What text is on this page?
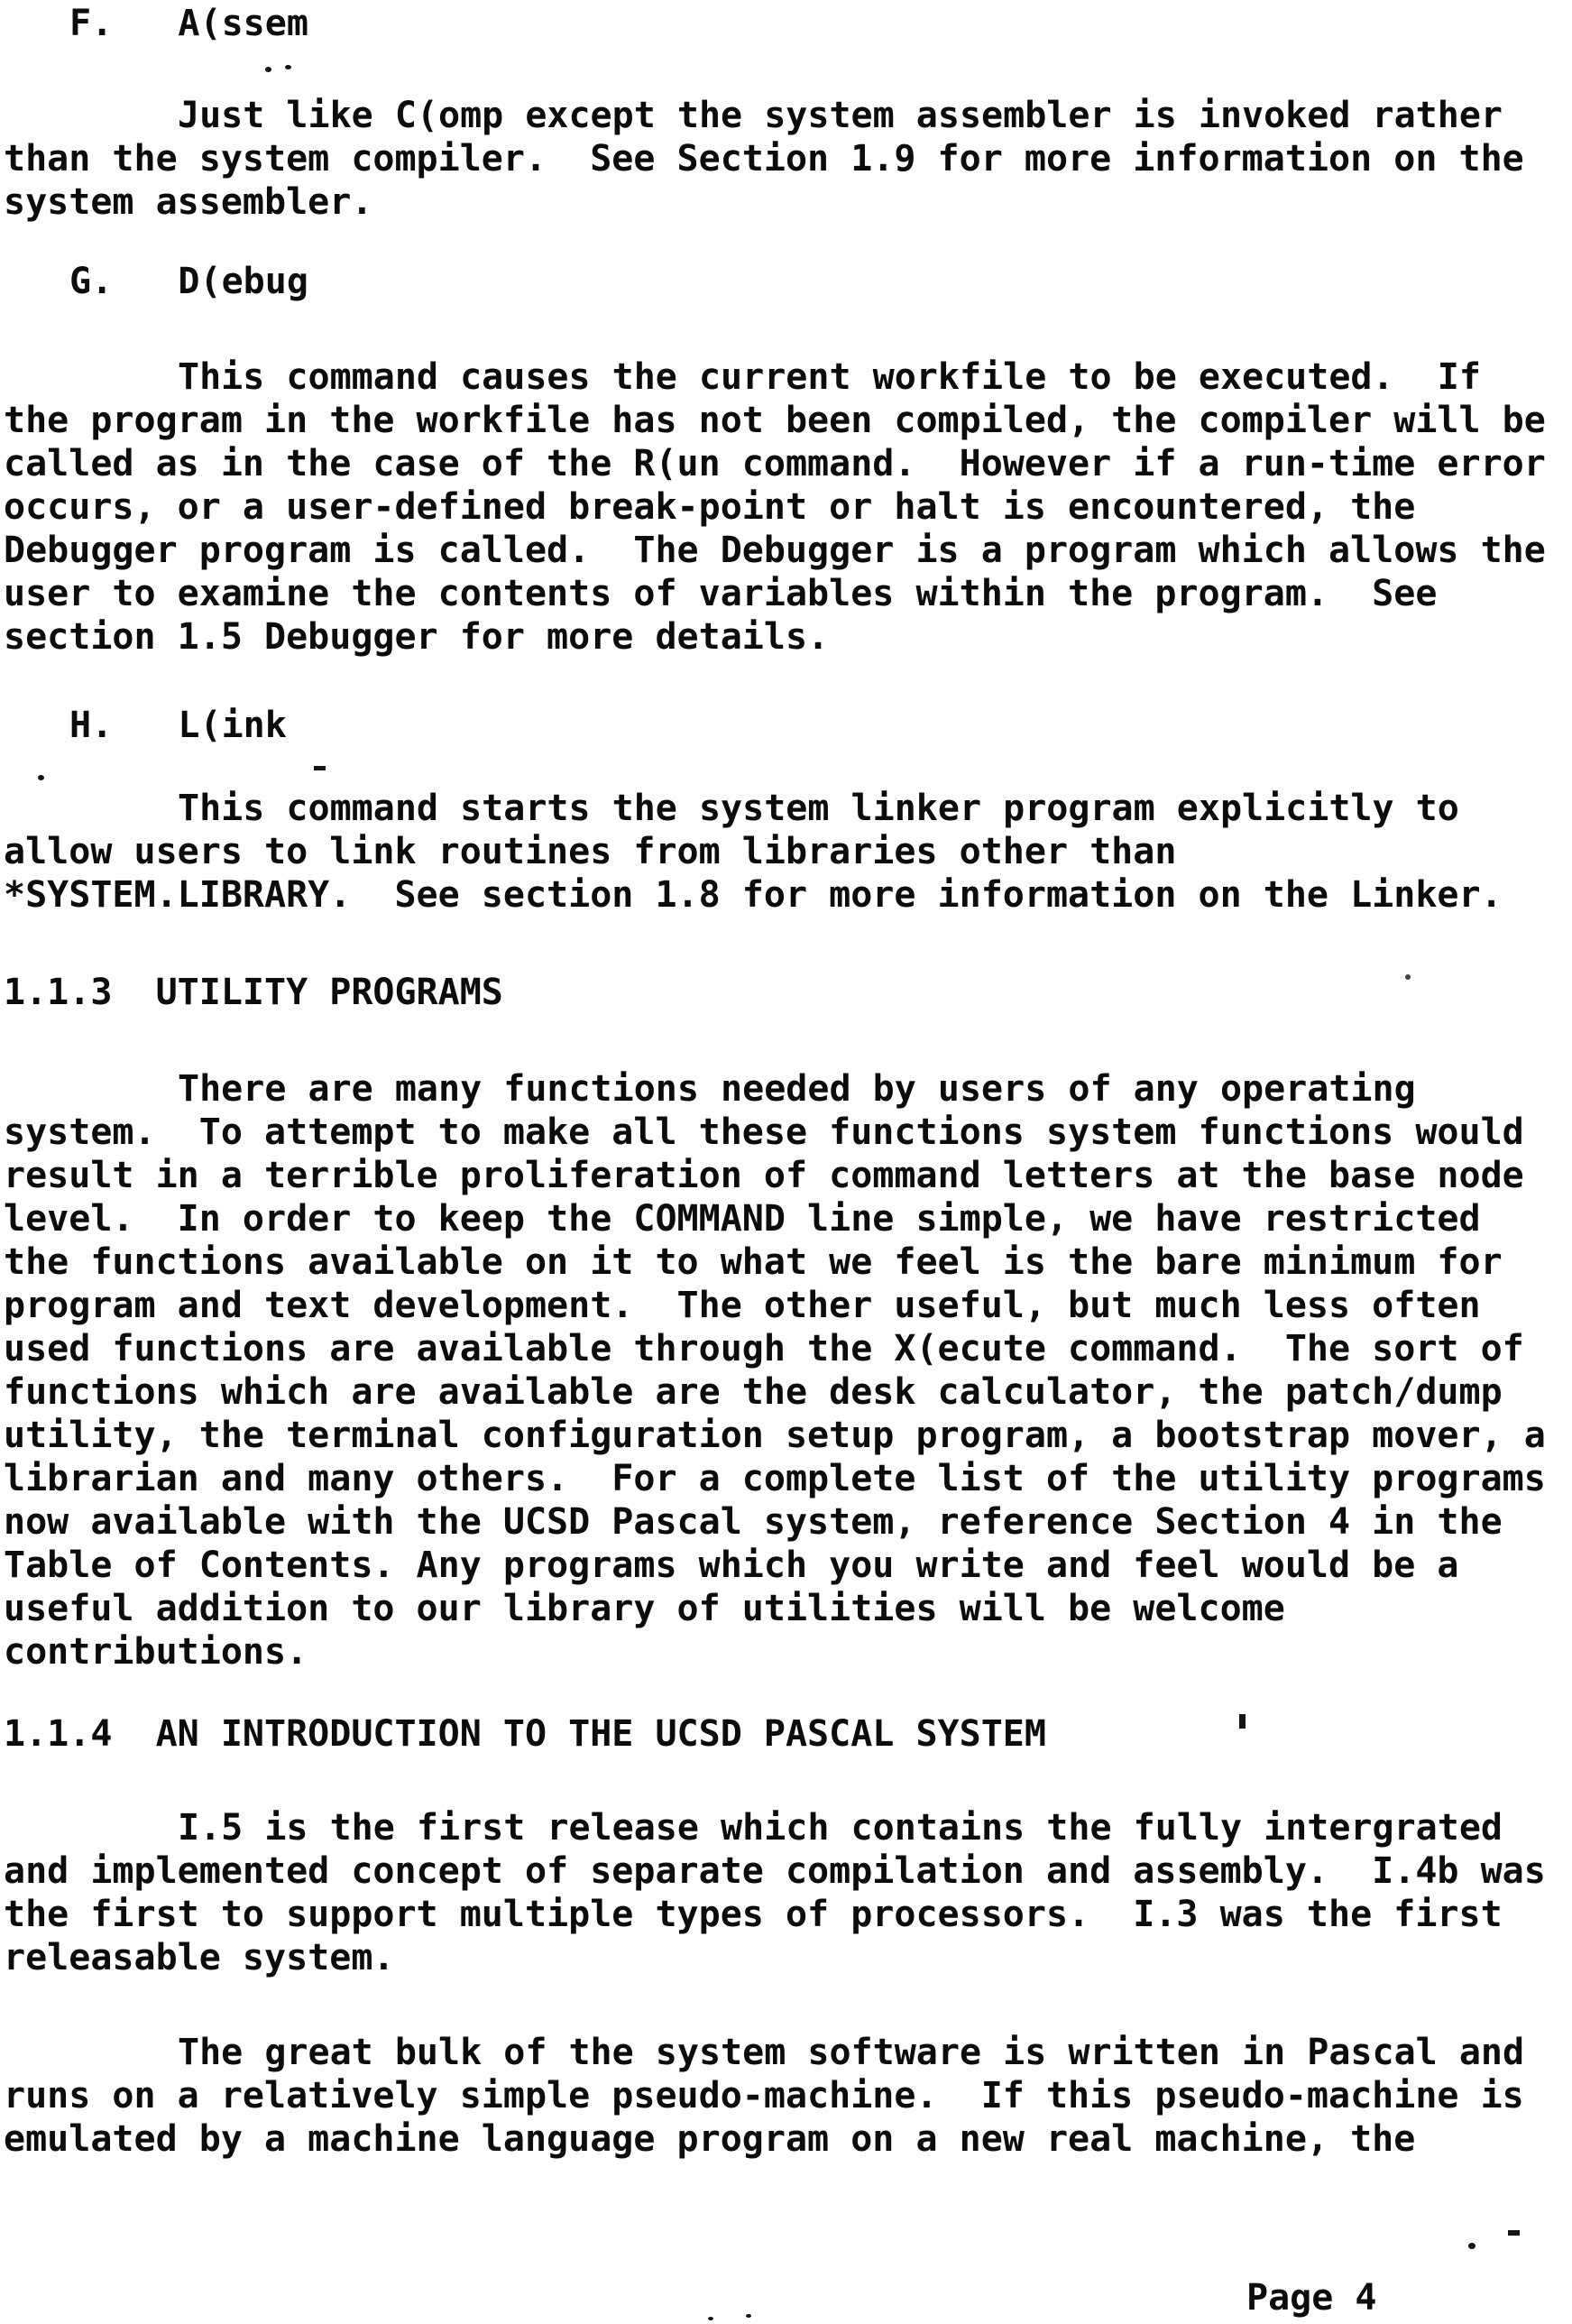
F.   A(ssem
Just like C(omp except the system assembler is invoked rather
than the system compiler.  See Section 1.9 for more information on the
system assembler.
G.   D(ebug
This command causes the current workfile to be executed.  If
the program in the workfile has not been compiled, the compiler will be
called as in the case of the R(un command.  However if a run-time error
occurs, or a user-defined break-point or halt is encountered, the
Debugger program is called.  The Debugger is a program which allows the
user to examine the contents of variables within the program.  See
section 1.5 Debugger for more details.
H.   L(ink
This command starts the system linker program explicitly to
allow users to link routines from libraries other than
*SYSTEM.LIBRARY.  See section 1.8 for more information on the Linker.
1.1.3  UTILITY PROGRAMS
There are many functions needed by users of any operating
system.  To attempt to make all these functions system functions would
result in a terrible proliferation of command letters at the base node
level.  In order to keep the COMMAND line simple, we have restricted
the functions available on it to what we feel is the bare minimum for
program and text development.  The other useful, but much less often
used functions are available through the X(ecute command.  The sort of
functions which are available are the desk calculator, the patch/dump
utility, the terminal configuration setup program, a bootstrap mover, a
librarian and many others.  For a complete list of the utility programs
now available with the UCSD Pascal system, reference Section 4 in the
Table of Contents. Any programs which you write and feel would be a
useful addition to our library of utilities will be welcome
contributions.
1.1.4  AN INTRODUCTION TO THE UCSD PASCAL SYSTEM
I.5 is the first release which contains the fully intergrated
and implemented concept of separate compilation and assembly.  I.4b was
the first to support multiple types of processors.  I.3 was the first
releasable system.
The great bulk of the system software is written in Pascal and
runs on a relatively simple pseudo-machine.  If this pseudo-machine is
emulated by a machine language program on a new real machine, the
Page 4
